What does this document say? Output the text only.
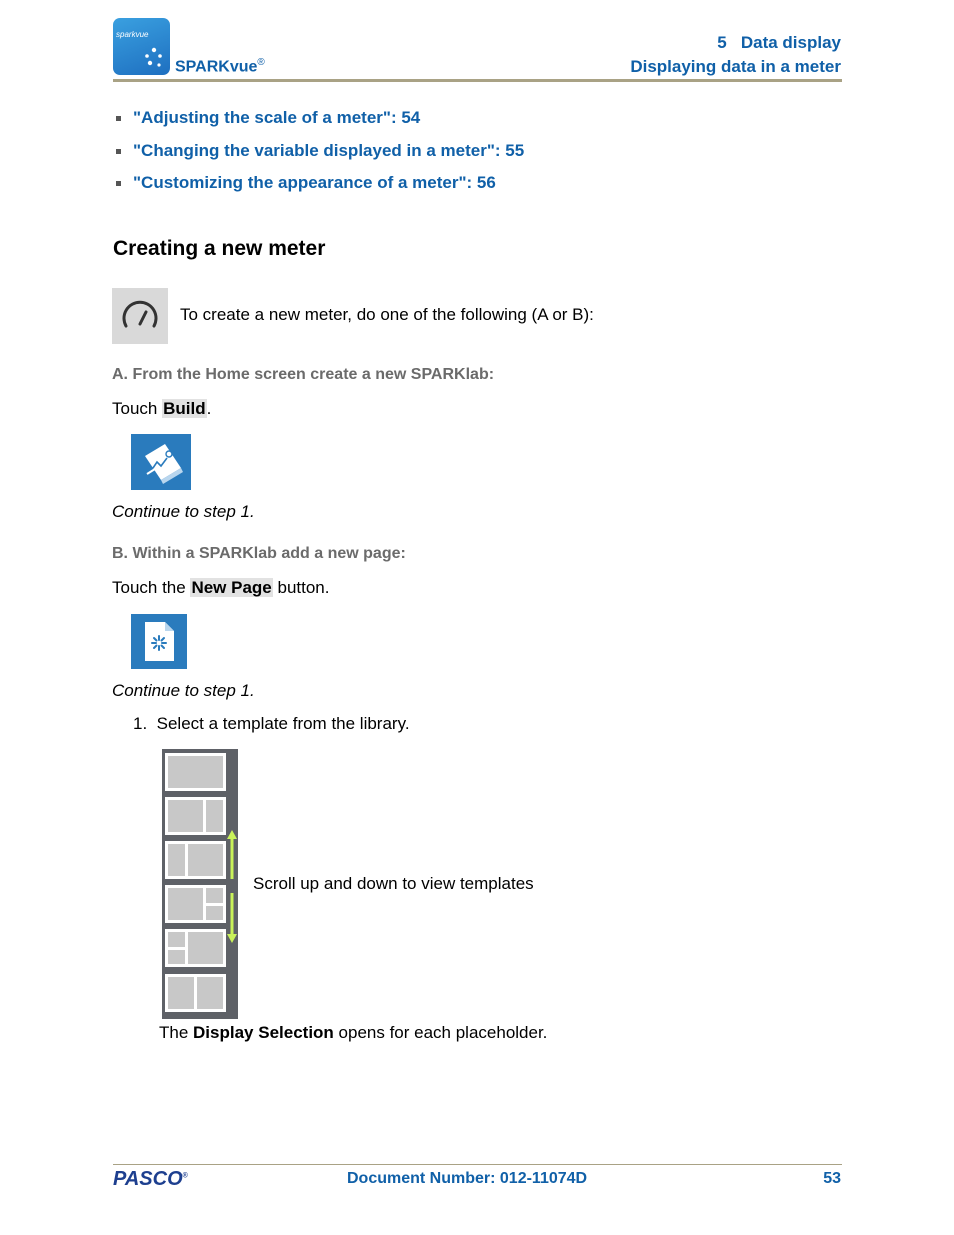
sparkvue
SPARKvue®
5   Data display
Displaying data in a meter
"Adjusting the scale of a meter": 54
"Changing the variable displayed in a meter": 55
"Customizing the appearance of a meter": 56
Creating a new meter
To create a new meter, do one of the following (A or B):
A. From the Home screen create a new SPARKlab:
Touch Build.
Continue to step 1.
B. Within a SPARKlab add a new page:
Touch the New Page button.
Continue to step 1.
1. Select a template from the library.
Scroll up and down to view templates
The Display Selection opens for each placeholder.
PASCO®	Document Number: 012-11074D	53
